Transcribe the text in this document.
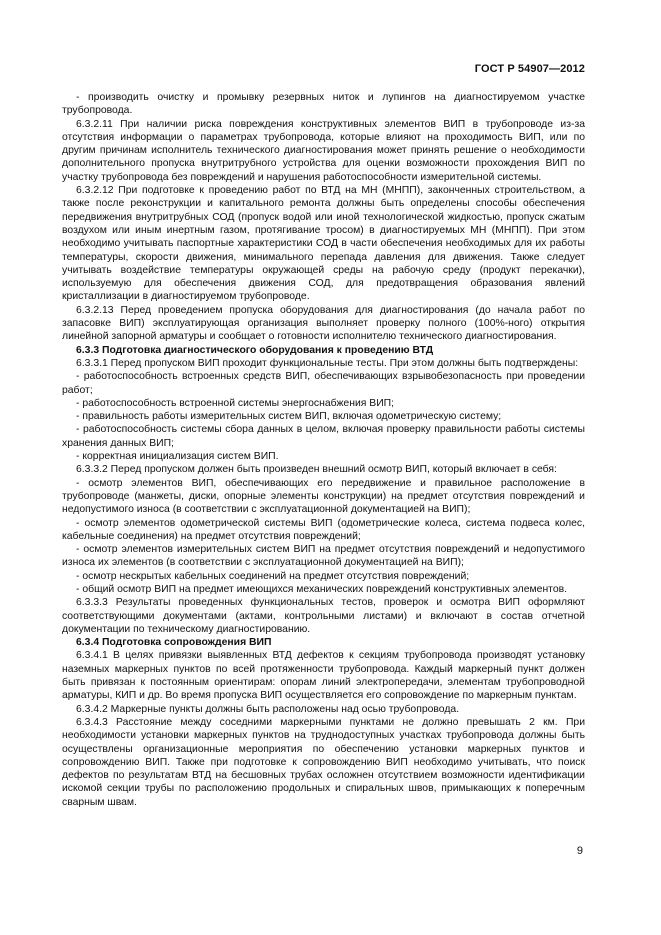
ГОСТ Р 54907—2012

- производить очистку и промывку резервных ниток и лупингов на диагностируемом участке трубопровода.

6.3.2.11 При наличии риска повреждения конструктивных элементов ВИП в трубопроводе из-за отсутствия информации о параметрах трубопровода, которые влияют на проходимость ВИП, или по другим причинам исполнитель технического диагностирования может принять решение о необходимости дополнительного пропуска внутритрубного устройства для оценки возможности прохождения ВИП по участку трубопровода без повреждений и нарушения работоспособности измерительной системы.

6.3.2.12 При подготовке к проведению работ по ВТД на МН (МНПП), законченных строительством, а также после реконструкции и капитального ремонта должны быть определены способы обеспечения передвижения внутритрубных СОД (пропуск водой или иной технологической жидкостью, пропуск сжатым воздухом или иным инертным газом, протягивание тросом) в диагностируемых МН (МНПП). При этом необходимо учитывать паспортные характеристики СОД в части обеспечения необходимых для их работы температуры, скорости движения, минимального перепада давления для движения. Также следует учитывать воздействие температуры окружающей среды на рабочую среду (продукт перекачки), используемую для обеспечения движения СОД, для предотвращения образования явлений кристаллизации в диагностируемом трубопроводе.

6.3.2.13 Перед проведением пропуска оборудования для диагностирования (до начала работ по запасовке ВИП) эксплуатирующая организация выполняет проверку полного (100%-ного) открытия линейной запорной арматуры и сообщает о готовности исполнителю технического диагностирования.

6.3.3 Подготовка диагностического оборудования к проведению ВТД

6.3.3.1 Перед пропуском ВИП проходит функциональные тесты. При этом должны быть подтверждены:

- работоспособность встроенных средств ВИП, обеспечивающих взрывобезопасность при проведении работ;

- работоспособность встроенной системы энергоснабжения ВИП;

- правильность работы измерительных систем ВИП, включая одометрическую систему;

- работоспособность системы сбора данных в целом, включая проверку правильности работы системы хранения данных ВИП;

- корректная инициализация систем ВИП.

6.3.3.2 Перед пропуском должен быть произведен внешний осмотр ВИП, который включает в себя:

- осмотр элементов ВИП, обеспечивающих его передвижение и правильное расположение в трубопроводе (манжеты, диски, опорные элементы конструкции) на предмет отсутствия повреждений и недопустимого износа (в соответствии с эксплуатационной документацией на ВИП);

- осмотр элементов одометрической системы ВИП (одометрические колеса, система подвеса колес, кабельные соединения) на предмет отсутствия повреждений;

- осмотр элементов измерительных систем ВИП на предмет отсутствия повреждений и недопустимого износа их элементов (в соответствии с эксплуатационной документацией на ВИП);

- осмотр нескрытых кабельных соединений на предмет отсутствия повреждений;

- общий осмотр ВИП на предмет имеющихся механических повреждений конструктивных элементов.

6.3.3.3 Результаты проведенных функциональных тестов, проверок и осмотра ВИП оформляют соответствующими документами (актами, контрольными листами) и включают в состав отчетной документации по техническому диагностированию.

6.3.4 Подготовка сопровождения ВИП

6.3.4.1 В целях привязки выявленных ВТД дефектов к секциям трубопровода производят установку наземных маркерных пунктов по всей протяженности трубопровода. Каждый маркерный пункт должен быть привязан к постоянным ориентирам: опорам линий электропередачи, элементам трубопроводной арматуры, КИП и др. Во время пропуска ВИП осуществляется его сопровождение по маркерным пунктам.

6.3.4.2 Маркерные пункты должны быть расположены над осью трубопровода.

6.3.4.3 Расстояние между соседними маркерными пунктами не должно превышать 2 км. При необходимости установки маркерных пунктов на труднодоступных участках трубопровода должны быть осуществлены организационные мероприятия по обеспечению установки маркерных пунктов и сопровождению ВИП. Также при подготовке к сопровождению ВИП необходимо учитывать, что поиск дефектов по результатам ВТД на бесшовных трубах осложнен отсутствием возможности идентификации искомой секции трубы по расположению продольных и спиральных швов, примыкающих к поперечным сварным швам.

9
